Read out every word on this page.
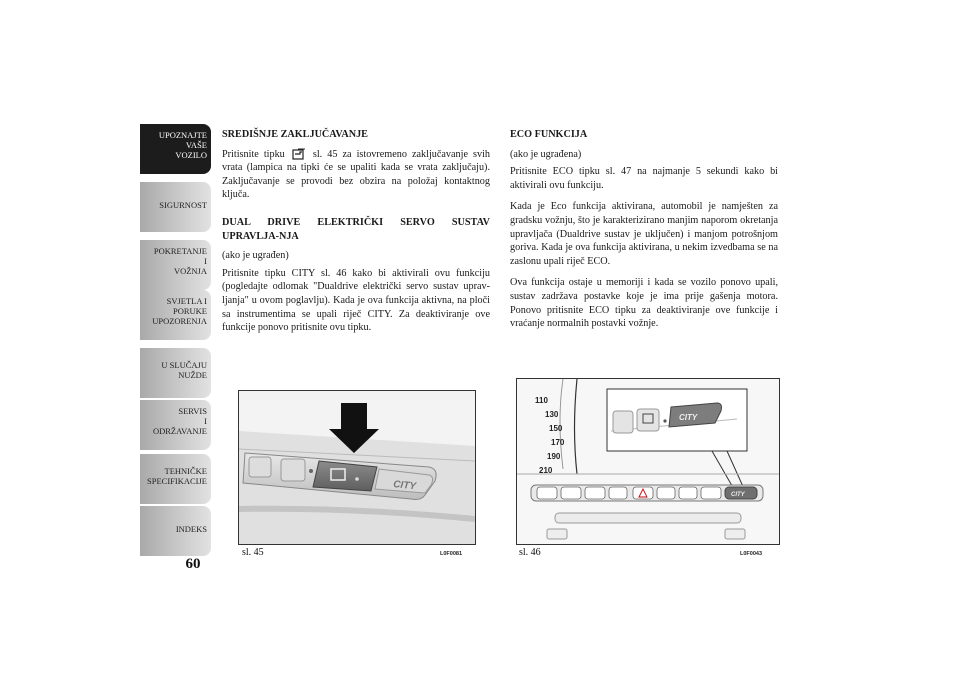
UPOZNAJTE
VAŠE
VOZILO
SIGURNOST
POKRETANJE
I
VOŽNJA
SVJETLA I
PORUKE
UPOZORENJA
U SLUČAJU
NUŽDE
SERVIS
I
ODRŽAVANJE
TEHNIČKE
SPECIFIKACIJE
INDEKS
60
SREDIŠNJE ZAKLJUČAVANJE

Pritisnite tipku	sl. 45 za istovremeno zaključavanje svih vrata (lampica na tipki će se upaliti kada se vrata zaključaju). Zaključavanje se provodi bez obzira na položaj kontaktnog ključa.

DUAL DRIVE ELEKTRIČKI SERVO SUSTAV UPRAVLJA-NJA

(ako je ugrađen)

Pritisnite tipku CITY sl. 46 kako bi aktivirali ovu funkciju (pogledajte odlomak "Dualdrive električki servo sustav uprav-ljanja" u ovom poglavlju). Kada je ova funkcija aktivna, na ploči sa instrumentima se upali riječ CITY. Za deaktiviranje ove funkcije ponovo pritisnite ovu tipku.

ECO FUNKCIJA

(ako je ugrađena)

Pritisnite ECO tipku sl. 47 na najmanje 5 sekundi kako bi aktivirali ovu funkciju.

Kada je Eco funkcija aktivirana, automobil je namješten za gradsku vožnju, što je karakterizirano manjim naporom okretanja upravljača (Dualdrive sustav je uključen) i manjom potrošnjom goriva. Kada je ova funkcija aktivirana, u nekim izvedbama se na zaslonu upali riječ ECO.

Ova funkcija ostaje u memoriji i kada se vozilo ponovo upali, sustav zadržava postavke koje je ima prije gašenja motora. Ponovo pritisnite ECO tipku za deaktiviranje ove funkcije i vraćanje normalnih postavki vožnje.

CITY
sl. 45	L0F0081
110
130
150
170
190
210
CITY
CITY
sl. 46	L0F0043
